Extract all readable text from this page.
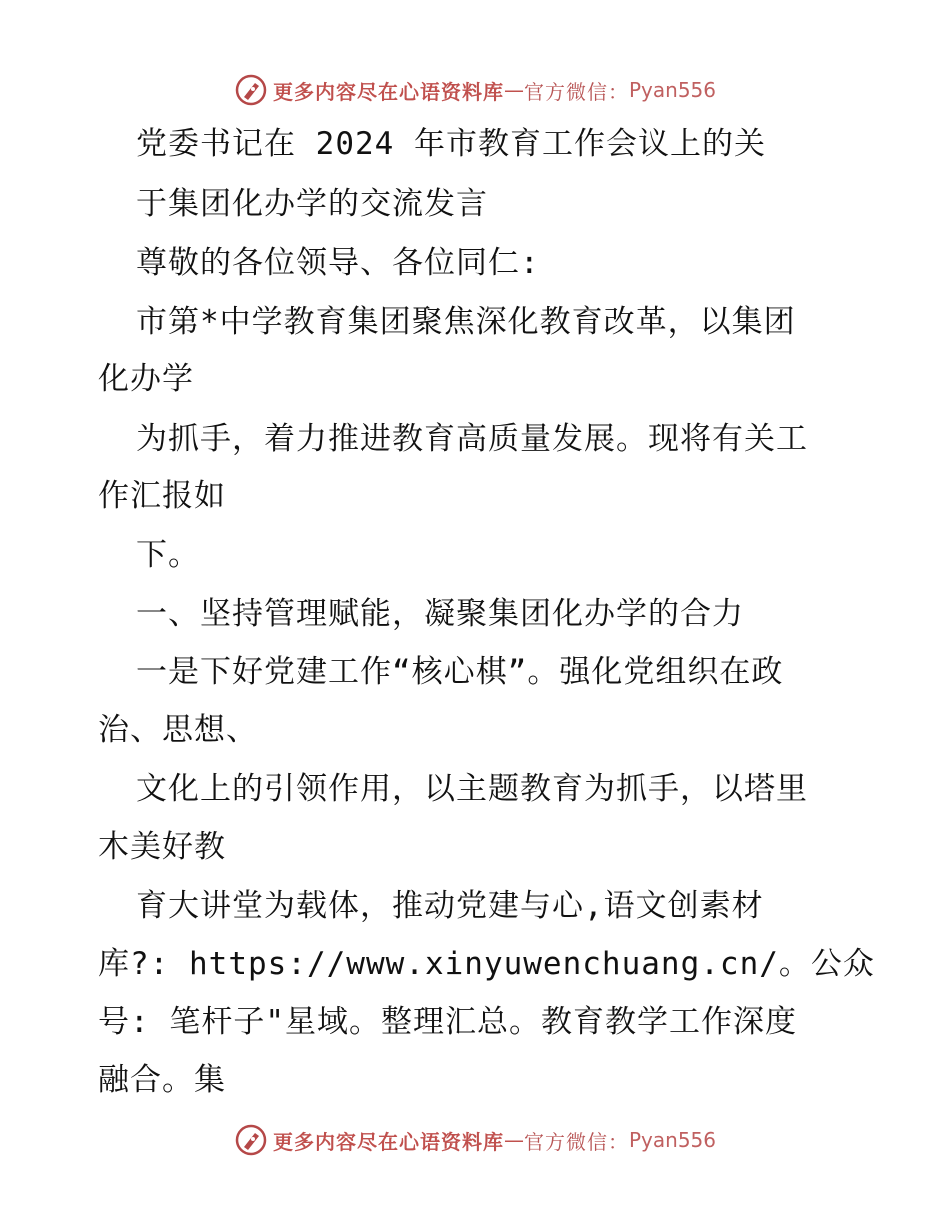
更多内容尽在心语资料库 — 官方微信： Pyan556
党委书记在 2024 年市教育工作会议上的关
于集团化办学的交流发言
尊敬的各位领导、各位同仁:
市第*中学教育集团聚焦深化教育改革，以集团
化办学
为抓手，着力推进教育高质量发展。现将有关工
作汇报如
下。
一、坚持管理赋能，凝聚集团化办学的合力
一是下好党建工作“核心棋”。强化党组织在政
治、思想、
文化上的引领作用，以主题教育为抓手，以塔里
木美好教
育大讲堂为载体，推动党建与心,语文创素材
库?: https://www.xinyuwenchuang.cn/。公众
号: 笔杆子"星域。整理汇总。教育教学工作深度
融合。集
更多内容尽在心语资料库 — 官方微信： Pyan556
